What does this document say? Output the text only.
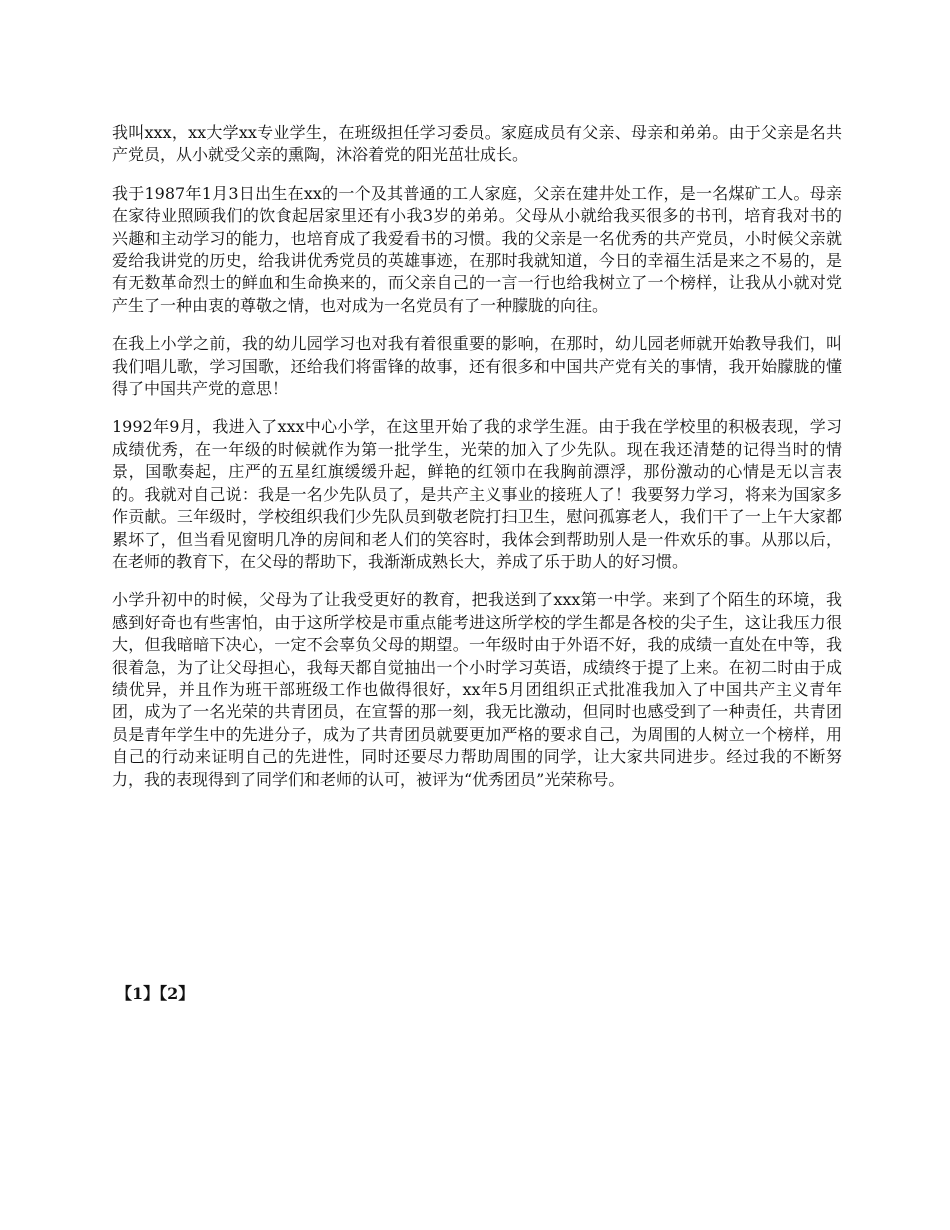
我叫xxx，xx大学xx专业学生，在班级担任学习委员。家庭成员有父亲、母亲和弟弟。由于父亲是名共产党员，从小就受父亲的熏陶，沐浴着党的阳光茁壮成长。

我于1987年1月3日出生在xx的一个及其普通的工人家庭，父亲在建井处工作，是一名煤矿工人。母亲在家待业照顾我们的饮食起居家里还有小我3岁的弟弟。父母从小就给我买很多的书刊，培育我对书的兴趣和主动学习的能力，也培育成了我爱看书的习惯。我的父亲是一名优秀的共产党员，小时候父亲就爱给我讲党的历史，给我讲优秀党员的英雄事迹，在那时我就知道，今日的幸福生活是来之不易的，是有无数革命烈士的鲜血和生命换来的，而父亲自己的一言一行也给我树立了一个榜样，让我从小就对党产生了一种由衷的尊敬之情，也对成为一名党员有了一种朦胧的向往。

在我上小学之前，我的幼儿园学习也对我有着很重要的影响，在那时，幼儿园老师就开始教导我们，叫我们唱儿歌，学习国歌，还给我们将雷锋的故事，还有很多和中国共产党有关的事情，我开始朦胧的懂得了中国共产党的意思！

1992年9月，我进入了xxx中心小学，在这里开始了我的求学生涯。由于我在学校里的积极表现，学习成绩优秀，在一年级的时候就作为第一批学生，光荣的加入了少先队。现在我还清楚的记得当时的情景，国歌奏起，庄严的五星红旗缓缓升起，鲜艳的红领巾在我胸前漂浮，那份激动的心情是无以言表的。我就对自己说：我是一名少先队员了，是共产主义事业的接班人了！我要努力学习，将来为国家多作贡献。三年级时，学校组织我们少先队员到敬老院打扫卫生，慰问孤寡老人，我们干了一上午大家都累坏了，但当看见窗明几净的房间和老人们的笑容时，我体会到帮助别人是一件欢乐的事。从那以后，在老师的教育下，在父母的帮助下，我渐渐成熟长大，养成了乐于助人的好习惯。

小学升初中的时候，父母为了让我受更好的教育，把我送到了xxx第一中学。来到了个陌生的环境，我感到好奇也有些害怕，由于这所学校是市重点能考进这所学校的学生都是各校的尖子生，这让我压力很大，但我暗暗下决心，一定不会辜负父母的期望。一年级时由于外语不好，我的成绩一直处在中等，我很着急，为了让父母担心，我每天都自觉抽出一个小时学习英语，成绩终于提了上来。在初二时由于成绩优异，并且作为班干部班级工作也做得很好，xx年5月团组织正式批准我加入了中国共产主义青年团，成为了一名光荣的共青团员，在宣誓的那一刻，我无比激动，但同时也感受到了一种责任，共青团员是青年学生中的先进分子，成为了共青团员就要更加严格的要求自己，为周围的人树立一个榜样，用自己的行动来证明自己的先进性，同时还要尽力帮助周围的同学，让大家共同进步。经过我的不断努力，我的表现得到了同学们和老师的认可，被评为“优秀团员”光荣称号。

【1】【2】
